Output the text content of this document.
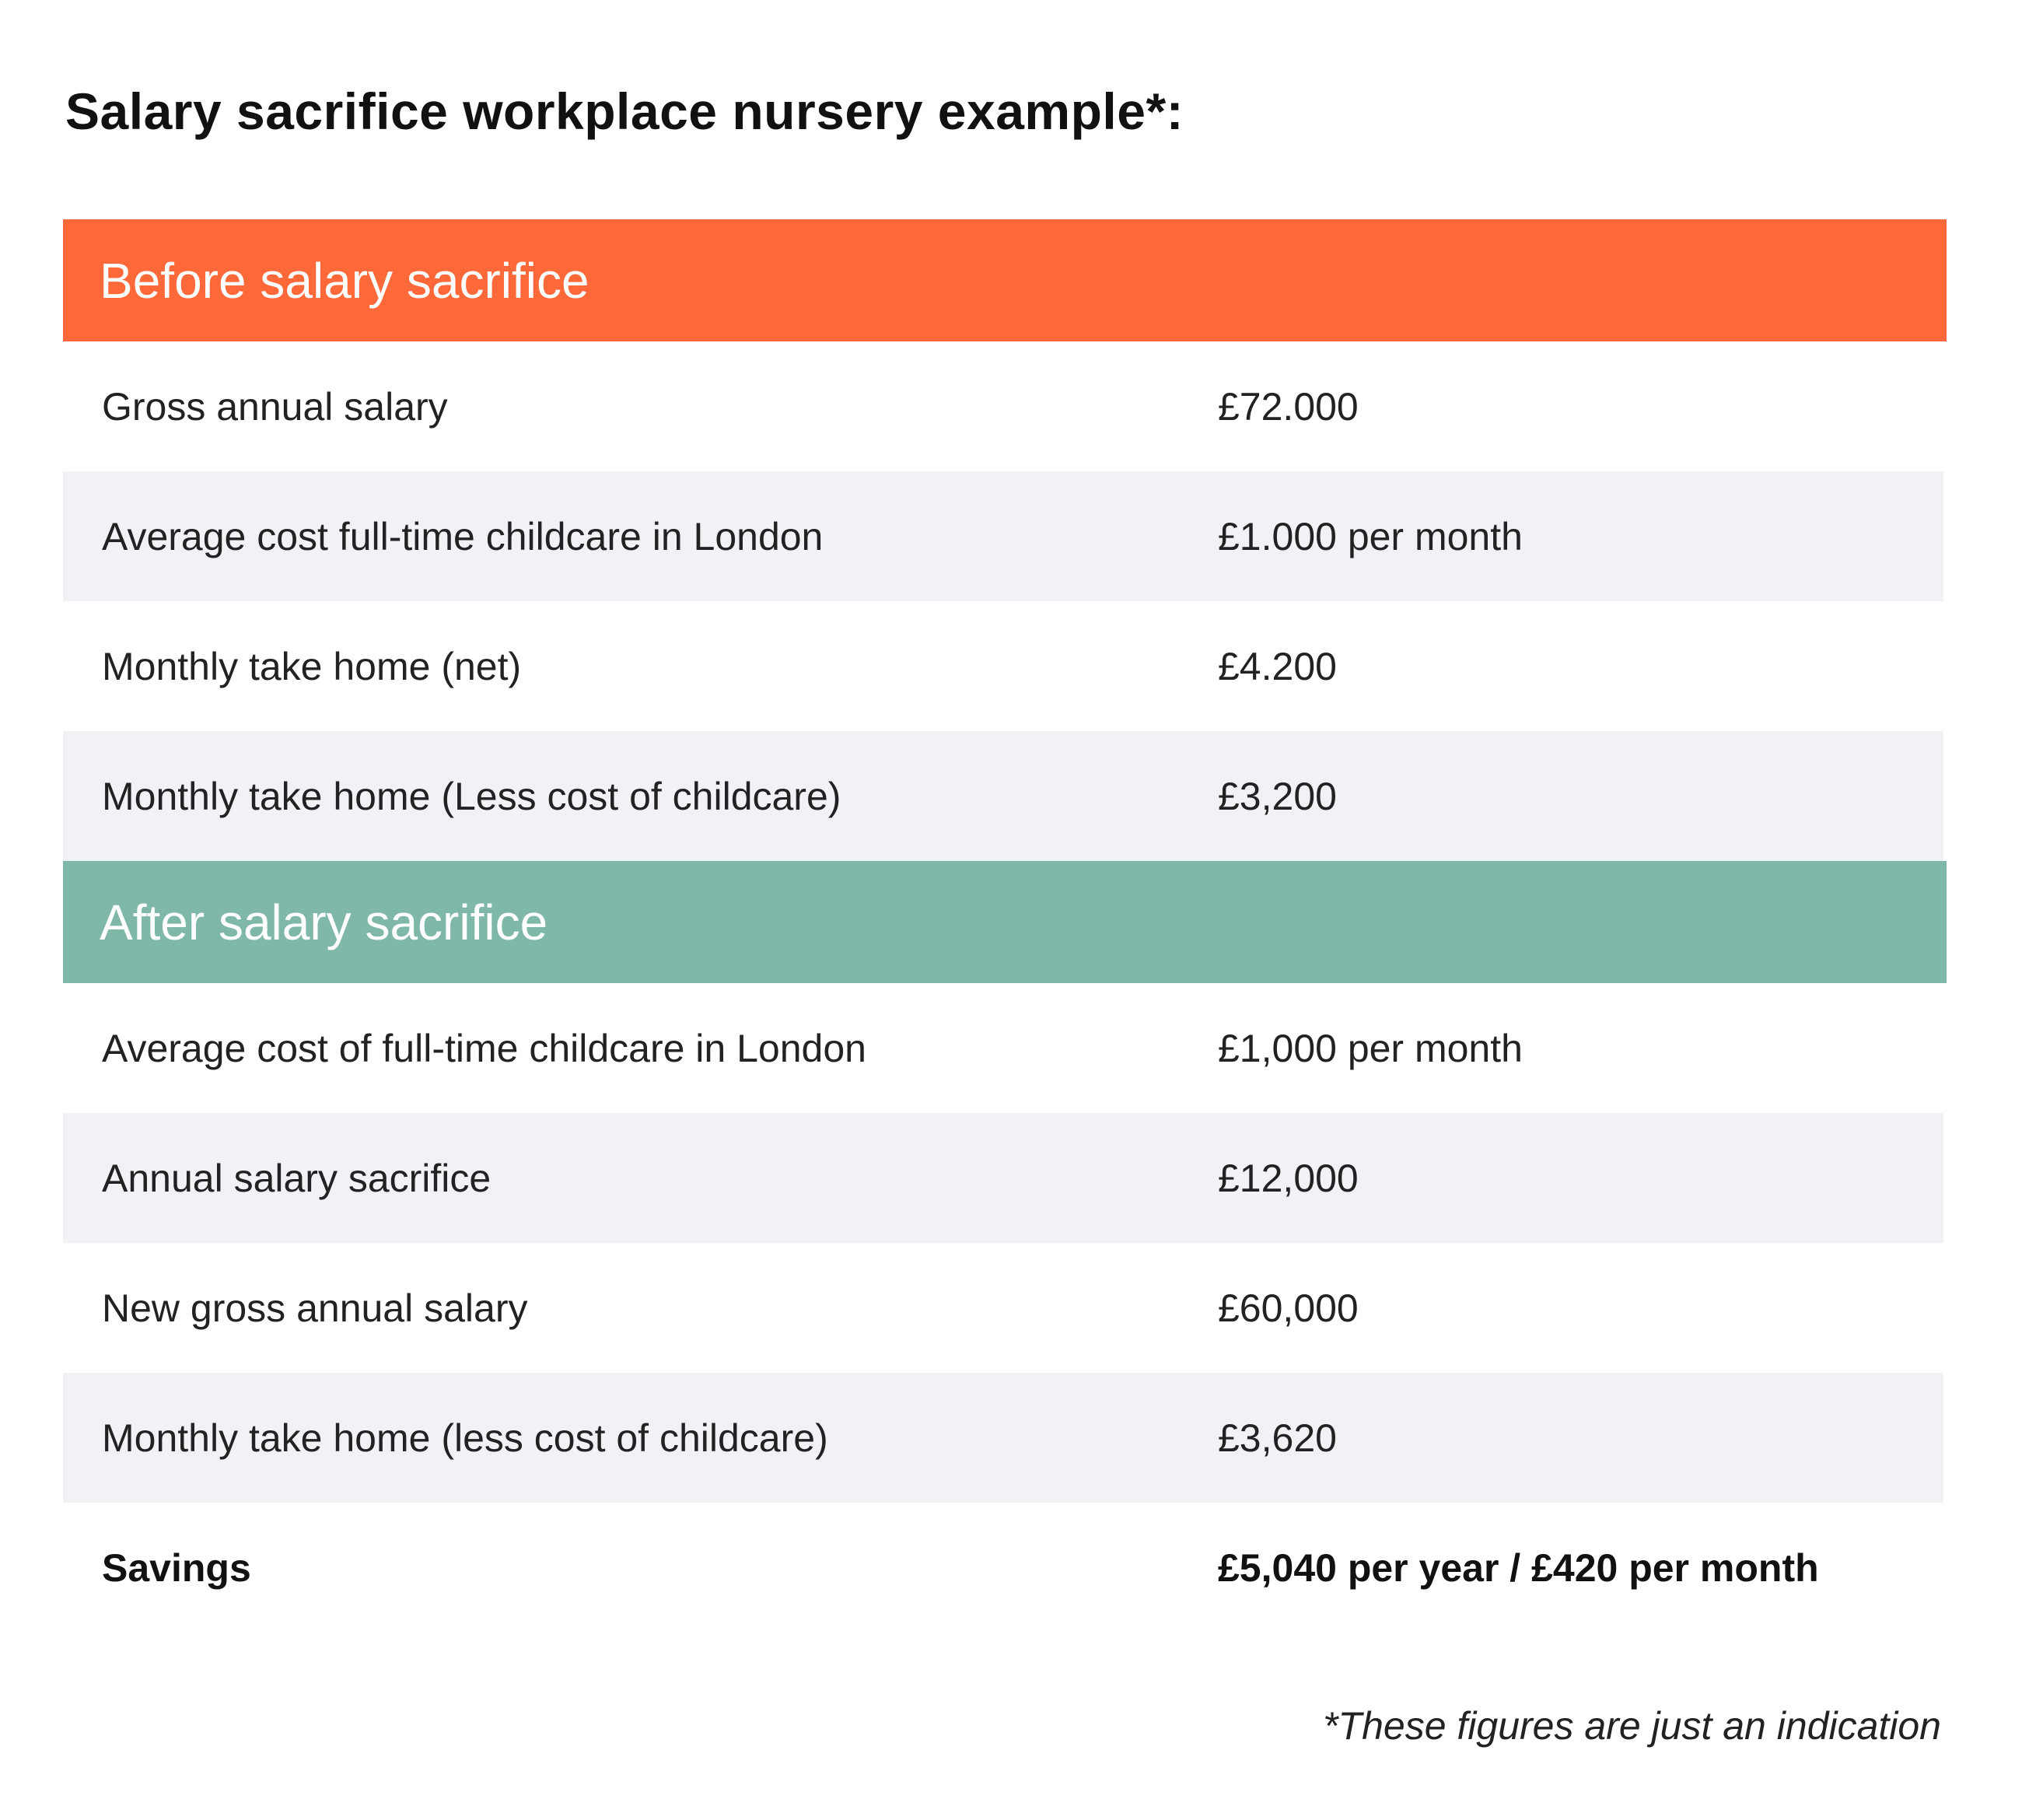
Salary sacrifice workplace nursery example*:
Before salary sacrifice
Gross annual salary	£72.000
Average cost full-time childcare in London	£1.000 per month
Monthly take home (net)	£4.200
Monthly take home (Less cost of childcare)	£3,200
After salary sacrifice
Average cost of full-time childcare in London	£1,000 per month
Annual salary sacrifice	£12,000
New gross annual salary	£60,000
Monthly take home (less cost of childcare)	£3,620
Savings	£5,040 per year / £420 per month
*These figures are just an indication
